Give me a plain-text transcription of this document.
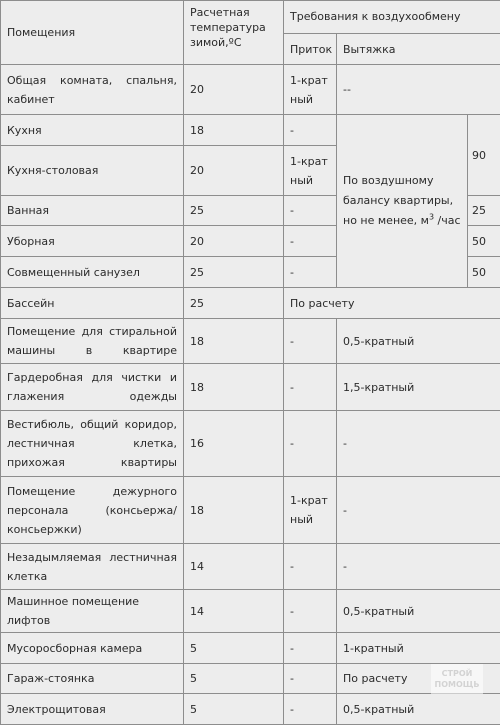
Помещения	Расчетная температура зимой,ºС	Требования к воздухообмену		
		Приток	Вытяжка	
Общая комната, спальня, кабинет	20	1-кратный	--	
Кухня	18	-	По воздушному балансу квартиры, но не менее, $м^3$ /час	90
Кухня-столовая	20	1-кратный		
Ванная	25	-		25
Уборная	20	-		50
Совмещенный санузел	25	-		50
Бассейн	25	По расчету		
Помещение для стиральной машины в квартире	18	-	0,5-кратный	
Гардеробная для чистки и глажения одежды	18	-	1,5-кратный	
Вестибюль, общий коридор, лестничная клетка, прихожая квартиры	16	-	-	
Помещение дежурного персонала (консьержа/ консьержки)	18	1-кратный	-	
Незадымляемая лестничная клетка	14	-	-	
Машинное помещение лифтов	14	-	0,5-кратный	
Мусоросборная камера	5	-	1-кратный	
Гараж-стоянка	5	-	По расчету	
Электрощитовая	5	-	0,5-кратный	
СТРОЙ
ПОМОЩЬ
